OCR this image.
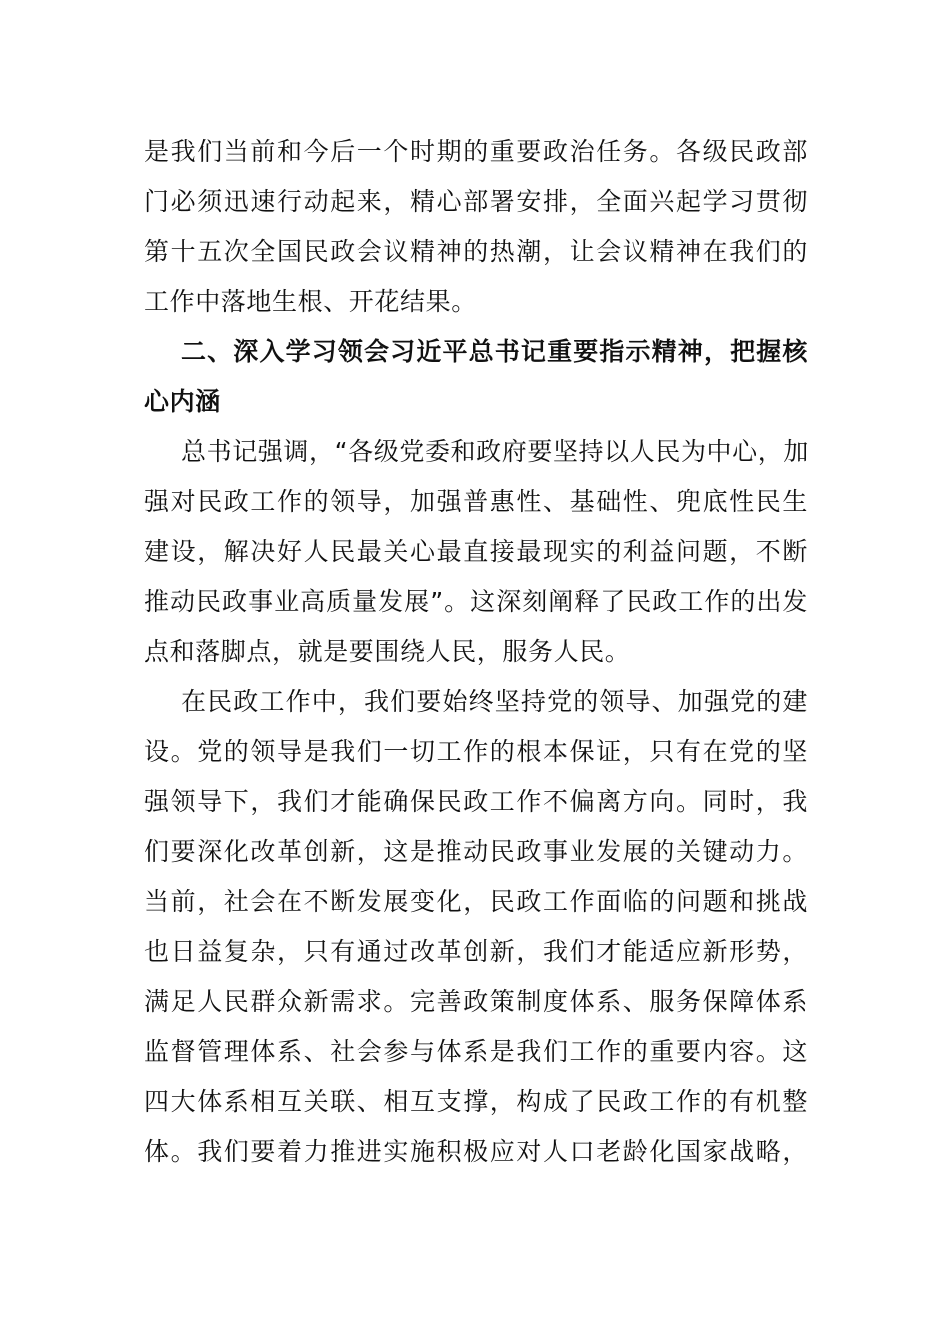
是我们当前和今后一个时期的重要政治任务。各级民政部
门必须迅速行动起来，精心部署安排，全面兴起学习贯彻
第十五次全国民政会议精神的热潮，让会议精神在我们的
工作中落地生根、开花结果。
二、深入学习领会习近平总书记重要指示精神，把握核
心内涵
总书记强调，“各级党委和政府要坚持以人民为中心，加
强对民政工作的领导，加强普惠性、基础性、兜底性民生
建设，解决好人民最关心最直接最现实的利益问题，不断
推动民政事业高质量发展”。这深刻阐释了民政工作的出发
点和落脚点，就是要围绕人民，服务人民。
在民政工作中，我们要始终坚持党的领导、加强党的建
设。党的领导是我们一切工作的根本保证，只有在党的坚
强领导下，我们才能确保民政工作不偏离方向。同时，我
们要深化改革创新，这是推动民政事业发展的关键动力。
当前，社会在不断发展变化，民政工作面临的问题和挑战
也日益复杂，只有通过改革创新，我们才能适应新形势，
满足人民群众新需求。完善政策制度体系、服务保障体系
监督管理体系、社会参与体系是我们工作的重要内容。这
四大体系相互关联、相互支撑，构成了民政工作的有机整
体。我们要着力推进实施积极应对人口老龄化国家战略，
